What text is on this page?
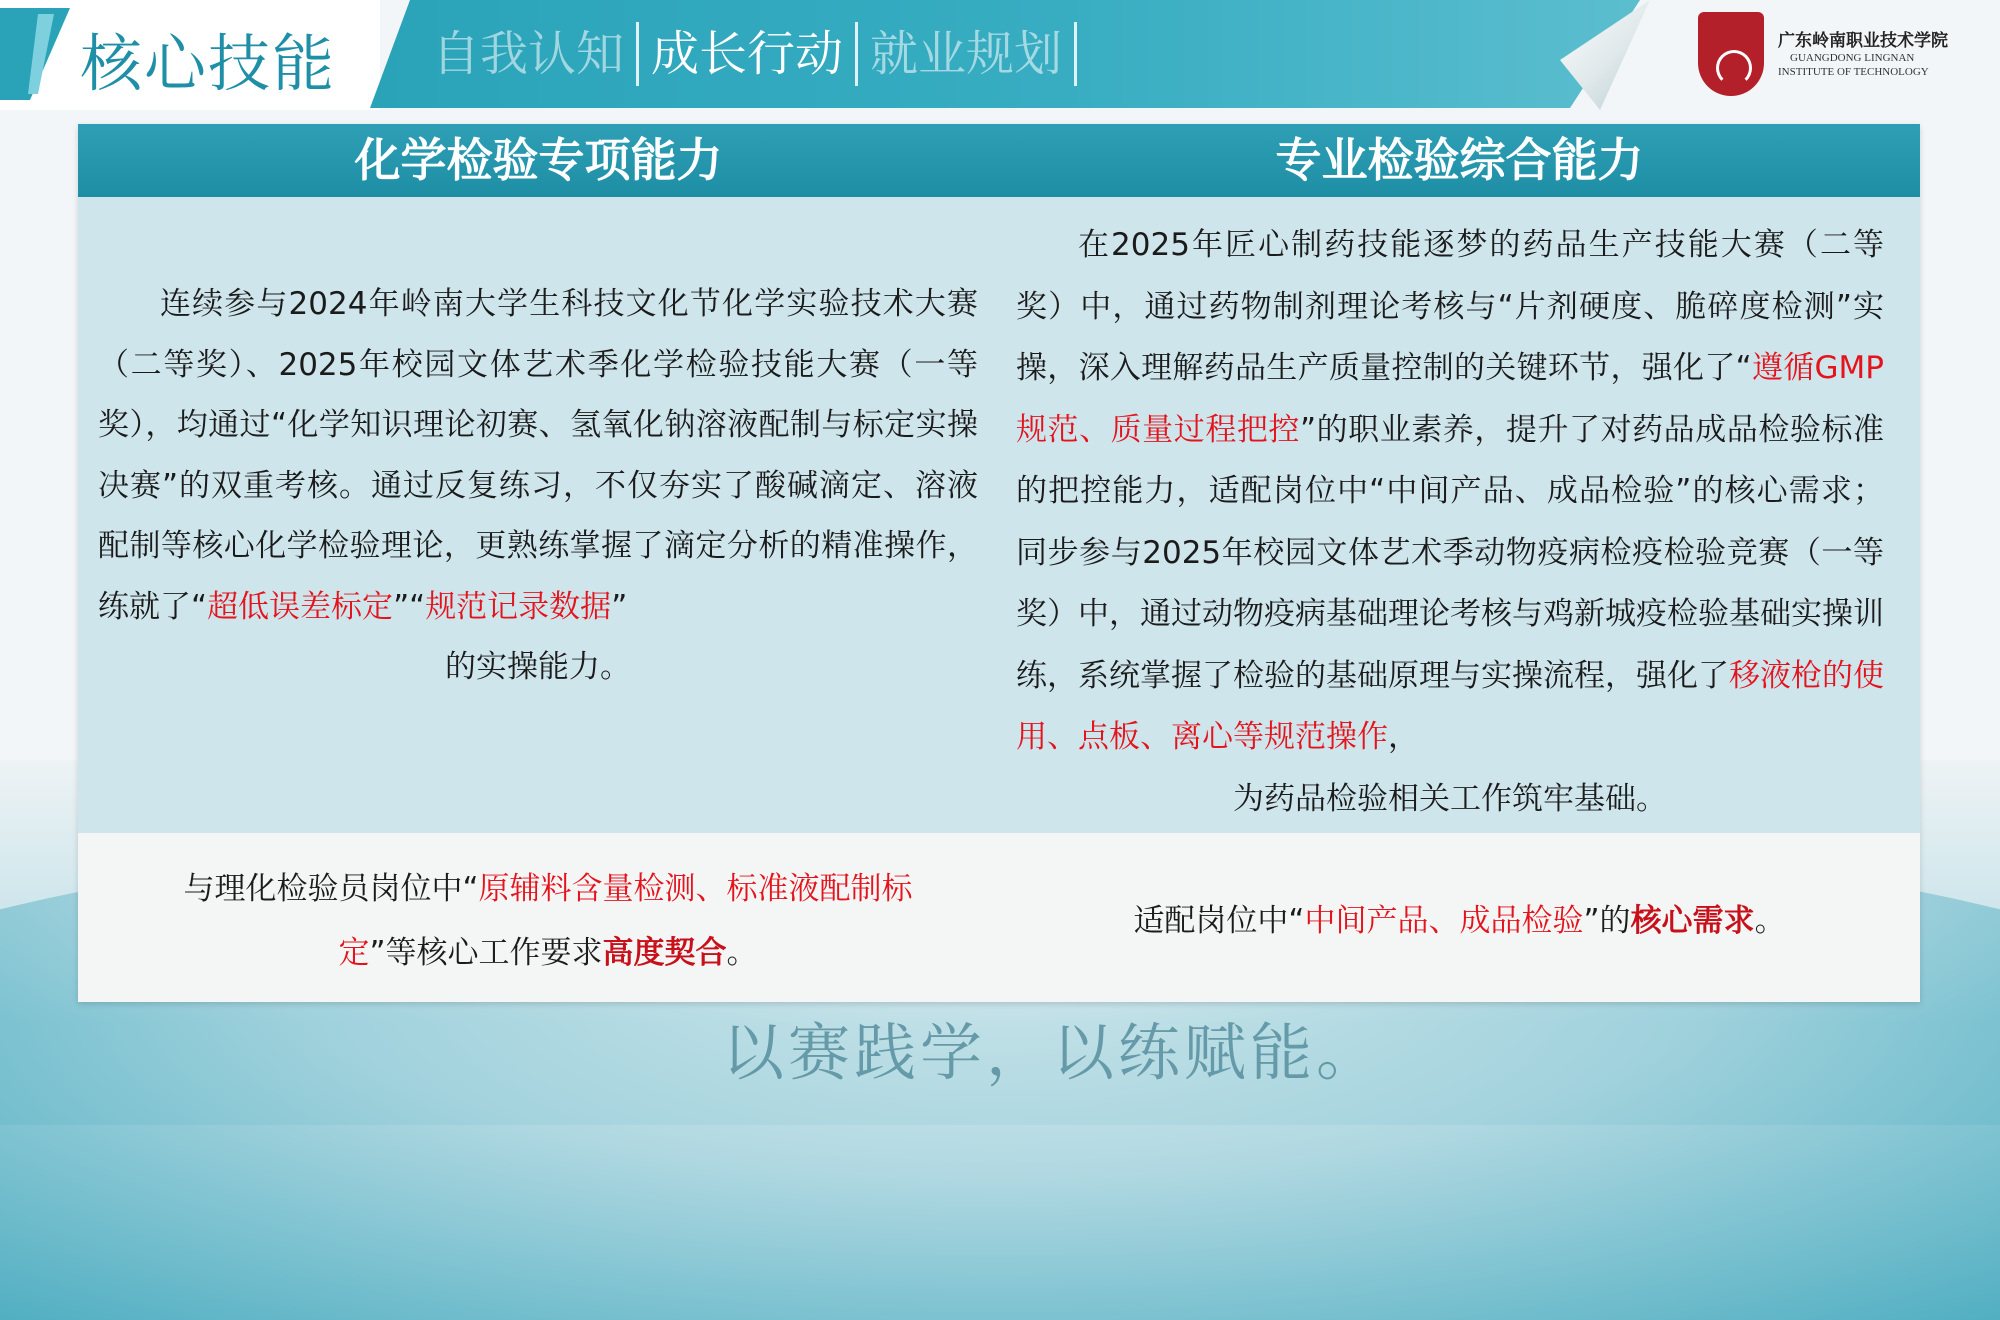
核心技能 自我认知 成长行动 就业规划	广东岭南职业技术学院
GUANGDONG LINGNAN
INSTITUTE OF TECHNOLOGY
化学检验专项能力	专业检验综合能力
连续参与2024年岭南大学生科技文化节化学实验技术大赛（二等奖）、2025年校园文体艺术季化学检验技能大赛（一等奖），均通过“化学知识理论初赛、氢氧化钠溶液配制与标定实操决赛”的双重考核。通过反复练习，不仅夯实了酸碱滴定、溶液配制等核心化学检验理论，更熟练掌握了滴定分析的精准操作，练就了“超低误差标定”“规范记录数据”
的实操能力。
在2025年匠心制药技能逐梦的药品生产技能大赛（二等奖）中，通过药物制剂理论考核与“片剂硬度、脆碎度检测”实操，深入理解药品生产质量控制的关键环节，强化了“遵循GMP规范、质量过程把控”的职业素养，提升了对药品成品检验标准的把控能力，适配岗位中“中间产品、成品检验”的核心需求；同步参与2025年校园文体艺术季动物疫病检疫检验竞赛（一等奖）中，通过动物疫病基础理论考核与鸡新城疫检验基础实操训练，系统掌握了检验的基础原理与实操流程，强化了移液枪的使用、点板、离心等规范操作，
为药品检验相关工作筑牢基础。
与理化检验员岗位中“原辅料含量检测、标准液配制标定”等核心工作要求高度契合。
适配岗位中“中间产品、成品检验”的核心需求。
以赛践学，以练赋能。
